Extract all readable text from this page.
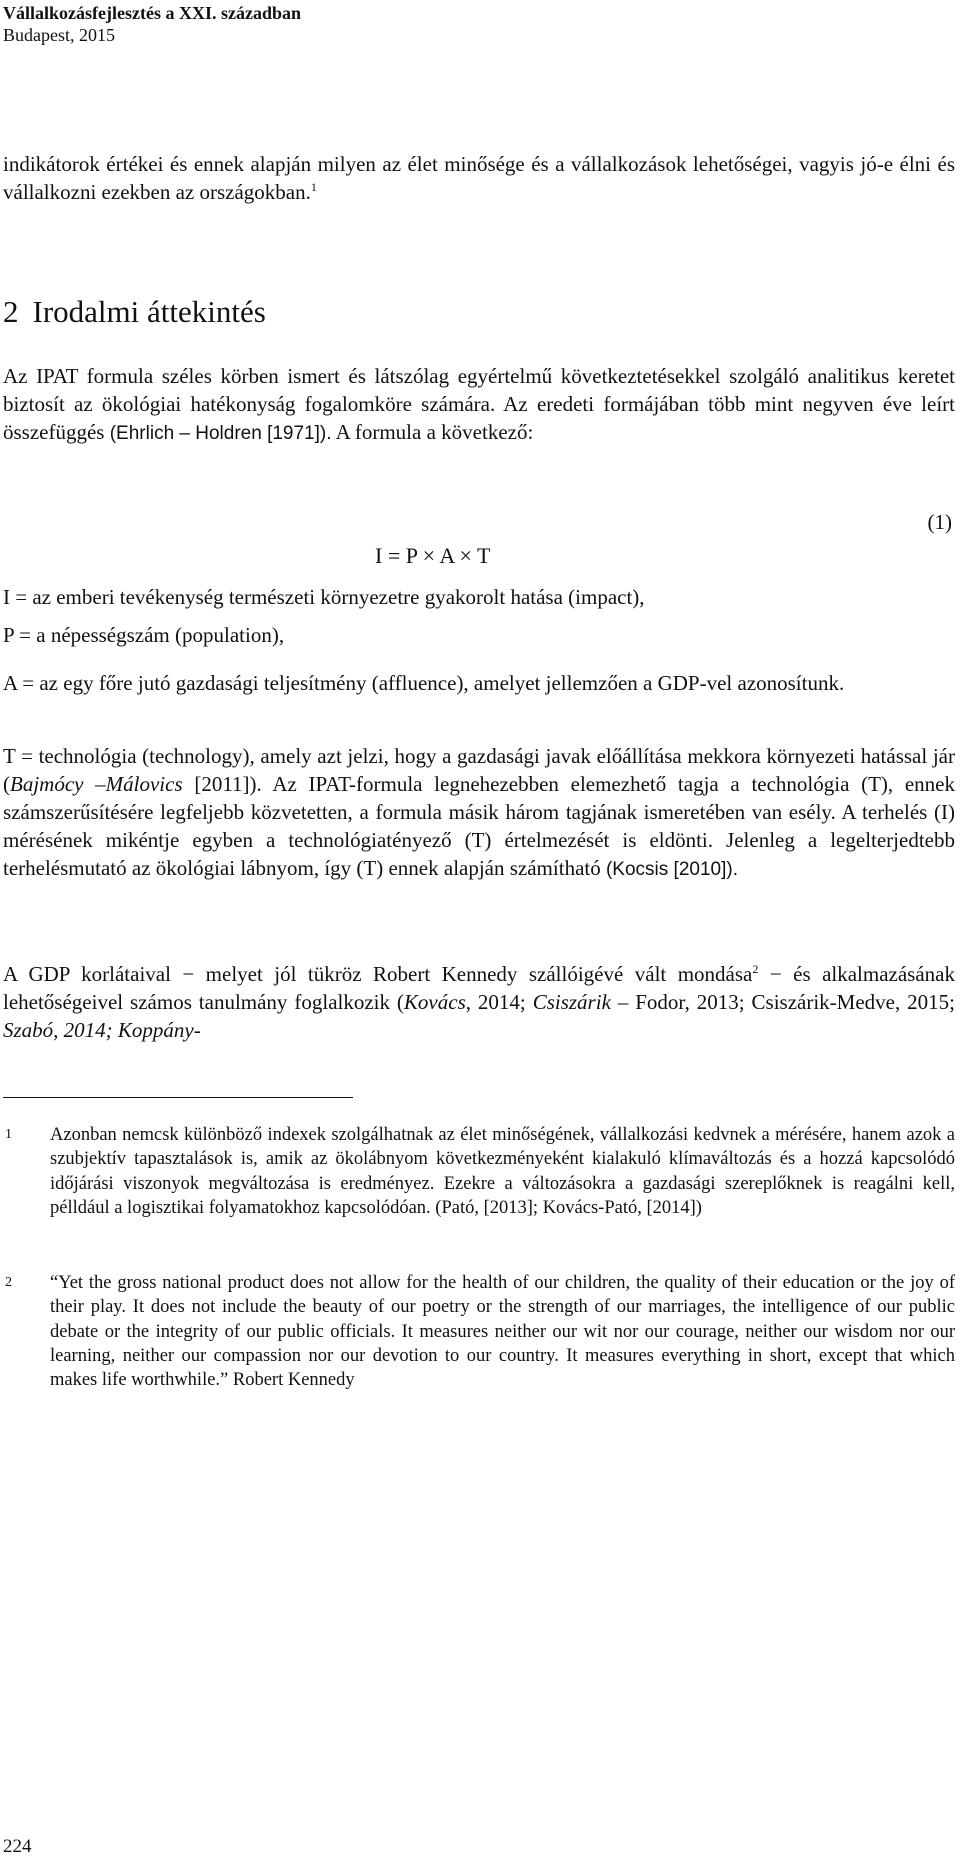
Vállalkozásfejlesztés a XXI. században
Budapest, 2015
indikátorok értékei és ennek alapján milyen az élet minősége és a vállalkozások lehetőségei, vagyis jó-e élni és vállalkozni ezekben az országokban.$^1$
2 Irodalmi áttekintés
Az IPAT formula széles körben ismert és látszólag egyértelmű következtetésekkel szolgáló analitikus keretet biztosít az ökológiai hatékonyság fogalomköre számára. Az eredeti formájában több mint negyven éve leírt összefüggés (Ehrlich – Holdren [1971]). A formula a következő:
(1)
I = P × A × T
I = az emberi tevékenység természeti környezetre gyakorolt hatása (impact),
P = a népességszám (population),
A = az egy főre jutó gazdasági teljesítmény (affluence), amelyet jellemzően a GDP-vel azonosítunk.
T = technológia (technology), amely azt jelzi, hogy a gazdasági javak előállítása mekkora környezeti hatással jár (Bajmócy –Málovics [2011]). Az IPAT-formula legnehezebben elemezhető tagja a technológia (T), ennek számszerűsítésére legfeljebb közvetetten, a formula másik három tagjának ismeretében van esély. A terhelés (I) mérésének mikéntje egyben a technológiatényező (T) értelmezését is eldönti. Jelenleg a legelterjedtebb terhelésmutató az ökológiai lábnyom, így (T) ennek alapján számítható (Kocsis [2010]).
A GDP korlátaival − melyet jól tükröz Robert Kennedy szállóigévé vált mondása$^2$ − és alkalmazásának lehetőségeivel számos tanulmány foglalkozik (Kovács, 2014; Csiszárik – Fodor, 2013; Csiszárik-Medve, 2015; Szabó, 2014; Koppány-
1 Azonban nemcsk különböző indexek szolgálhatnak az élet minőségének, vállalkozási kedvnek a mérésére, hanem azok a szubjektív tapasztalások is, amik az ökolábnyom következményeként kialakuló klímaváltozás és a hozzá kapcsolódó időjárási viszonyok megváltozása is eredményez. Ezekre a változásokra a gazdasági szereplőknek is reagálni kell, pélldául a logisztikai folyamatokhoz kapcsolódóan. (Pató, [2013]; Kovács-Pató, [2014])
2 “Yet the gross national product does not allow for the health of our children, the quality of their education or the joy of their play. It does not include the beauty of our poetry or the strength of our marriages, the intelligence of our public debate or the integrity of our public officials. It measures neither our wit nor our courage, neither our wisdom nor our learning, neither our compassion nor our devotion to our country. It measures everything in short, except that which makes life worthwhile.” Robert Kennedy
224
